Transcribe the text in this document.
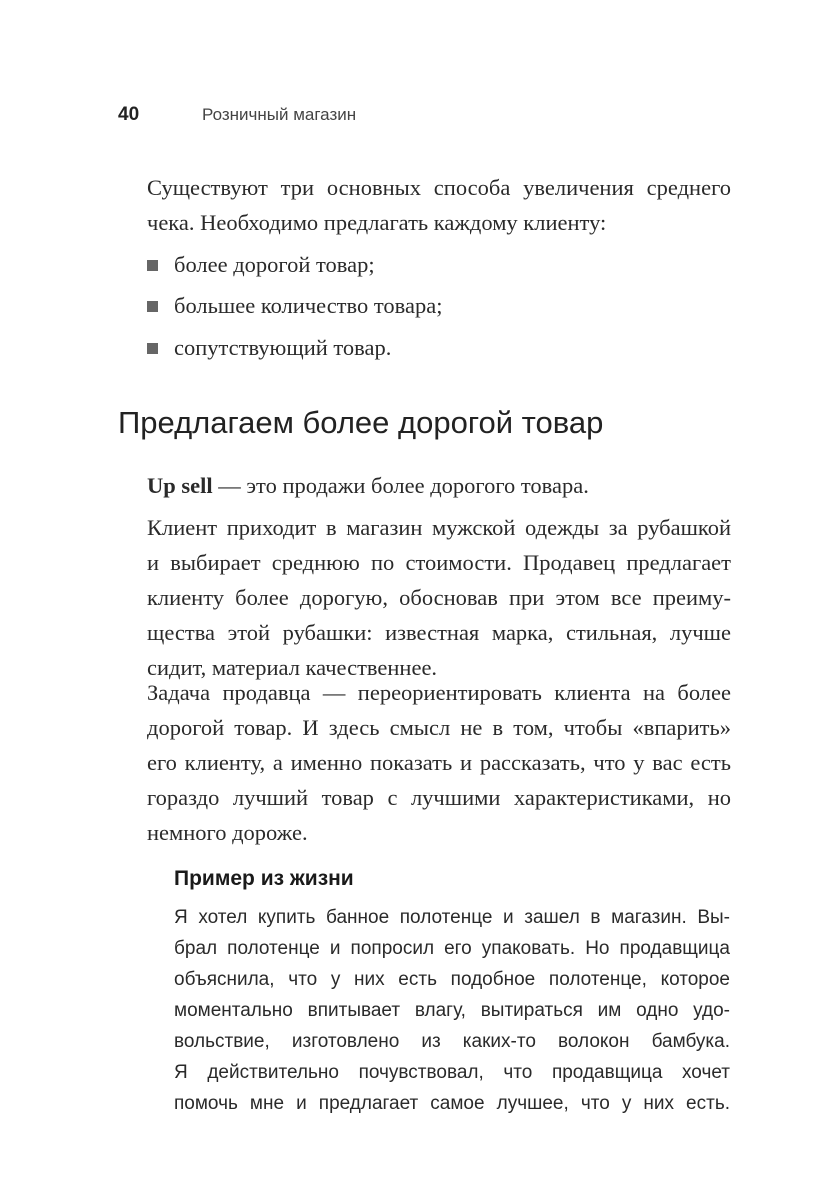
40	Розничный магазин
Существуют три основных способа увеличения среднего
чека. Необходимо предлагать каждому клиенту:
более дорогой товар;
большее количество товара;
сопутствующий товар.
Предлагаем более дорогой товар
Up sell — это продажи более дорогого товара.
Клиент приходит в магазин мужской одежды за рубашкой
и выбирает среднюю по стоимости. Продавец предлагает
клиенту более дорогую, обосновав при этом все преиму-
щества этой рубашки: известная марка, стильная, лучше
сидит, материал качественнее.
Задача продавца — переориентировать клиента на более
дорогой товар. И здесь смысл не в том, чтобы «впарить»
его клиенту, а именно показать и рассказать, что у вас есть
гораздо лучший товар с лучшими характеристиками, но
немного дороже.
Пример из жизни
Я хотел купить банное полотенце и зашел в магазин. Вы-
брал полотенце и попросил его упаковать. Но продавщица
объяснила, что у них есть подобное полотенце, которое
моментально впитывает влагу, вытираться им одно удо-
вольствие, изготовлено из каких-то волокон бамбука.
Я действительно почувствовал, что продавщица хочет
помочь мне и предлагает самое лучшее, что у них есть.
